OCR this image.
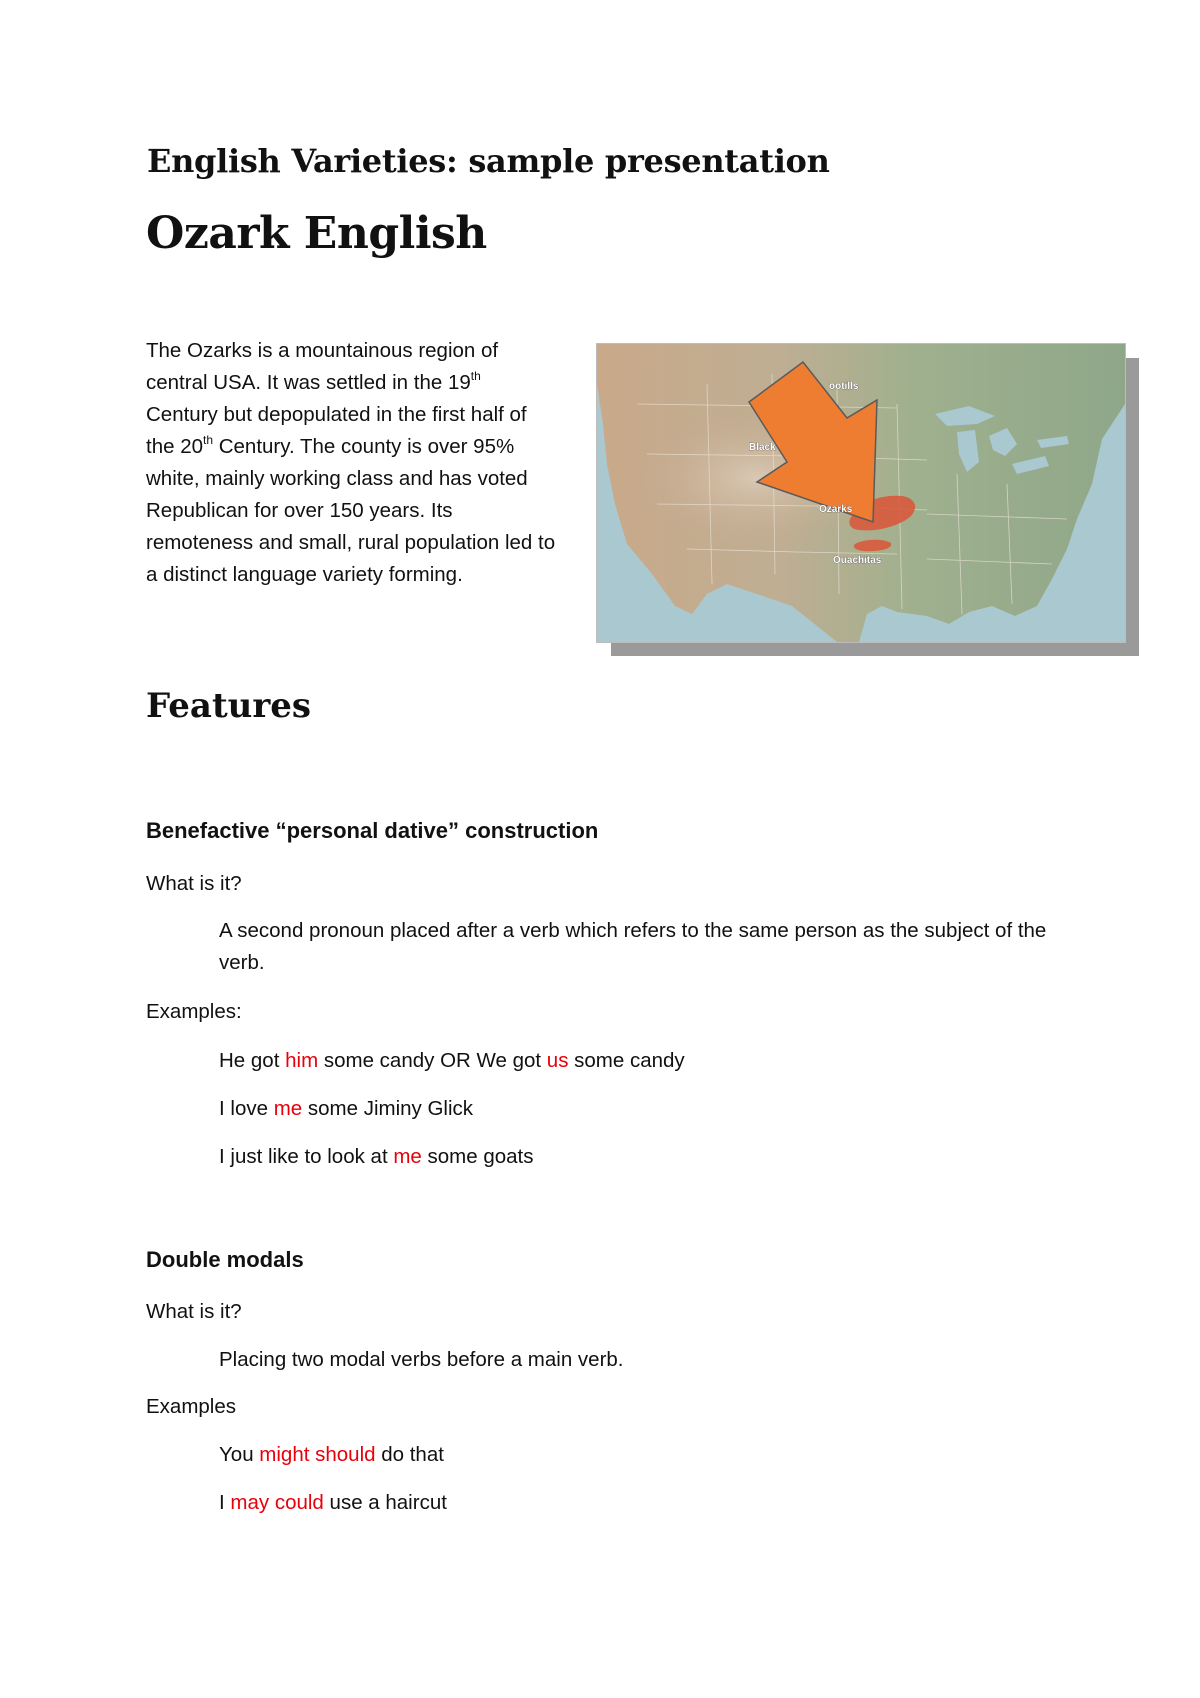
English Varieties: sample presentation
Ozark English

The Ozarks is a mountainous region of central USA. It was settled in the 19th Century but depopulated in the first half of the 20th Century. The county is over 95% white, mainly working class and has voted Republican for over 150 years. Its remoteness and small, rural population led to a distinct language variety forming.

ootills
Black
Ozarks
Ouachitas
Features
Benefactive “personal dative” construction

What is it?

A second pronoun placed after a verb which refers to the same person as the subject of the verb.

Examples:

He got him some candy OR We got us some candy

I love me some Jiminy Glick

I just like to look at me some goats

Double modals

What is it?

Placing two modal verbs before a main verb.

Examples

You might should do that

I may could use a haircut
